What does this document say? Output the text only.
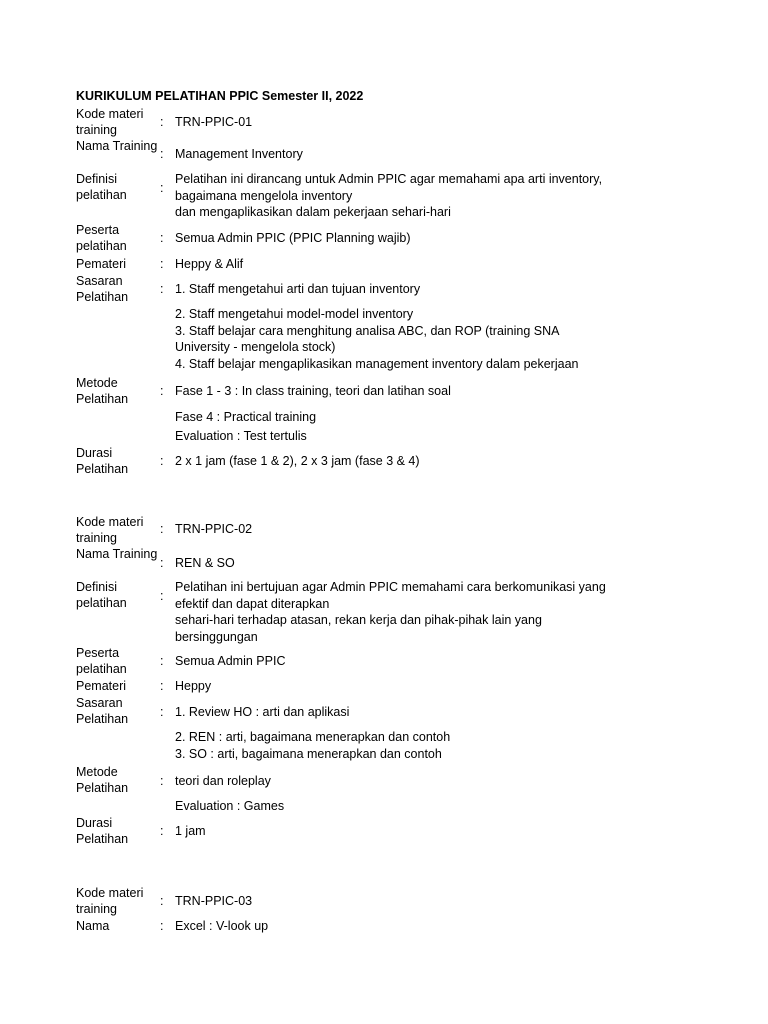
KURIKULUM PELATIHAN PPIC Semester II, 2022
Kode materi training
: TRN-PPIC-01
Nama Training
: Management Inventory
Definisi pelatihan	:
Pelatihan ini dirancang untuk Admin PPIC agar memahami apa arti inventory, bagaimana mengelola inventory
dan mengaplikasikan dalam pekerjaan sehari-hari
Peserta pelatihan
: Semua Admin PPIC (PPIC Planning wajib)
Pemateri	: Heppy & Alif
Sasaran Pelatihan
: 1. Staff mengetahui arti dan tujuan inventory
2. Staff mengetahui model-model inventory
3. Staff belajar cara menghitung analisa ABC, dan ROP (training SNA University - mengelola stock)
4. Staff belajar mengaplikasikan management inventory dalam pekerjaan
Metode Pelatihan
: Fase 1 - 3 : In class training, teori dan latihan soal
Fase 4 : Practical training
Evaluation : Test tertulis
Durasi Pelatihan
: 2 x 1 jam (fase 1 & 2), 2 x 3 jam (fase 3 & 4)
Kode materi training
: TRN-PPIC-02
Nama Training
: REN & SO
Definisi pelatihan	:
Pelatihan ini bertujuan agar Admin PPIC memahami cara berkomunikasi yang efektif dan dapat diterapkan
sehari-hari terhadap atasan, rekan kerja dan pihak-pihak lain yang bersinggungan
Peserta pelatihan
: Semua Admin PPIC
Pemateri	: Heppy
Sasaran Pelatihan	: 1. Review HO : arti dan aplikasi
2. REN : arti, bagaimana menerapkan dan contoh
3. SO : arti, bagaimana menerapkan dan contoh
Metode Pelatihan	: teori dan roleplay
Evaluation : Games
Durasi Pelatihan
: 1 jam
Kode materi training
: TRN-PPIC-03
Nama	: Excel : V-look up
